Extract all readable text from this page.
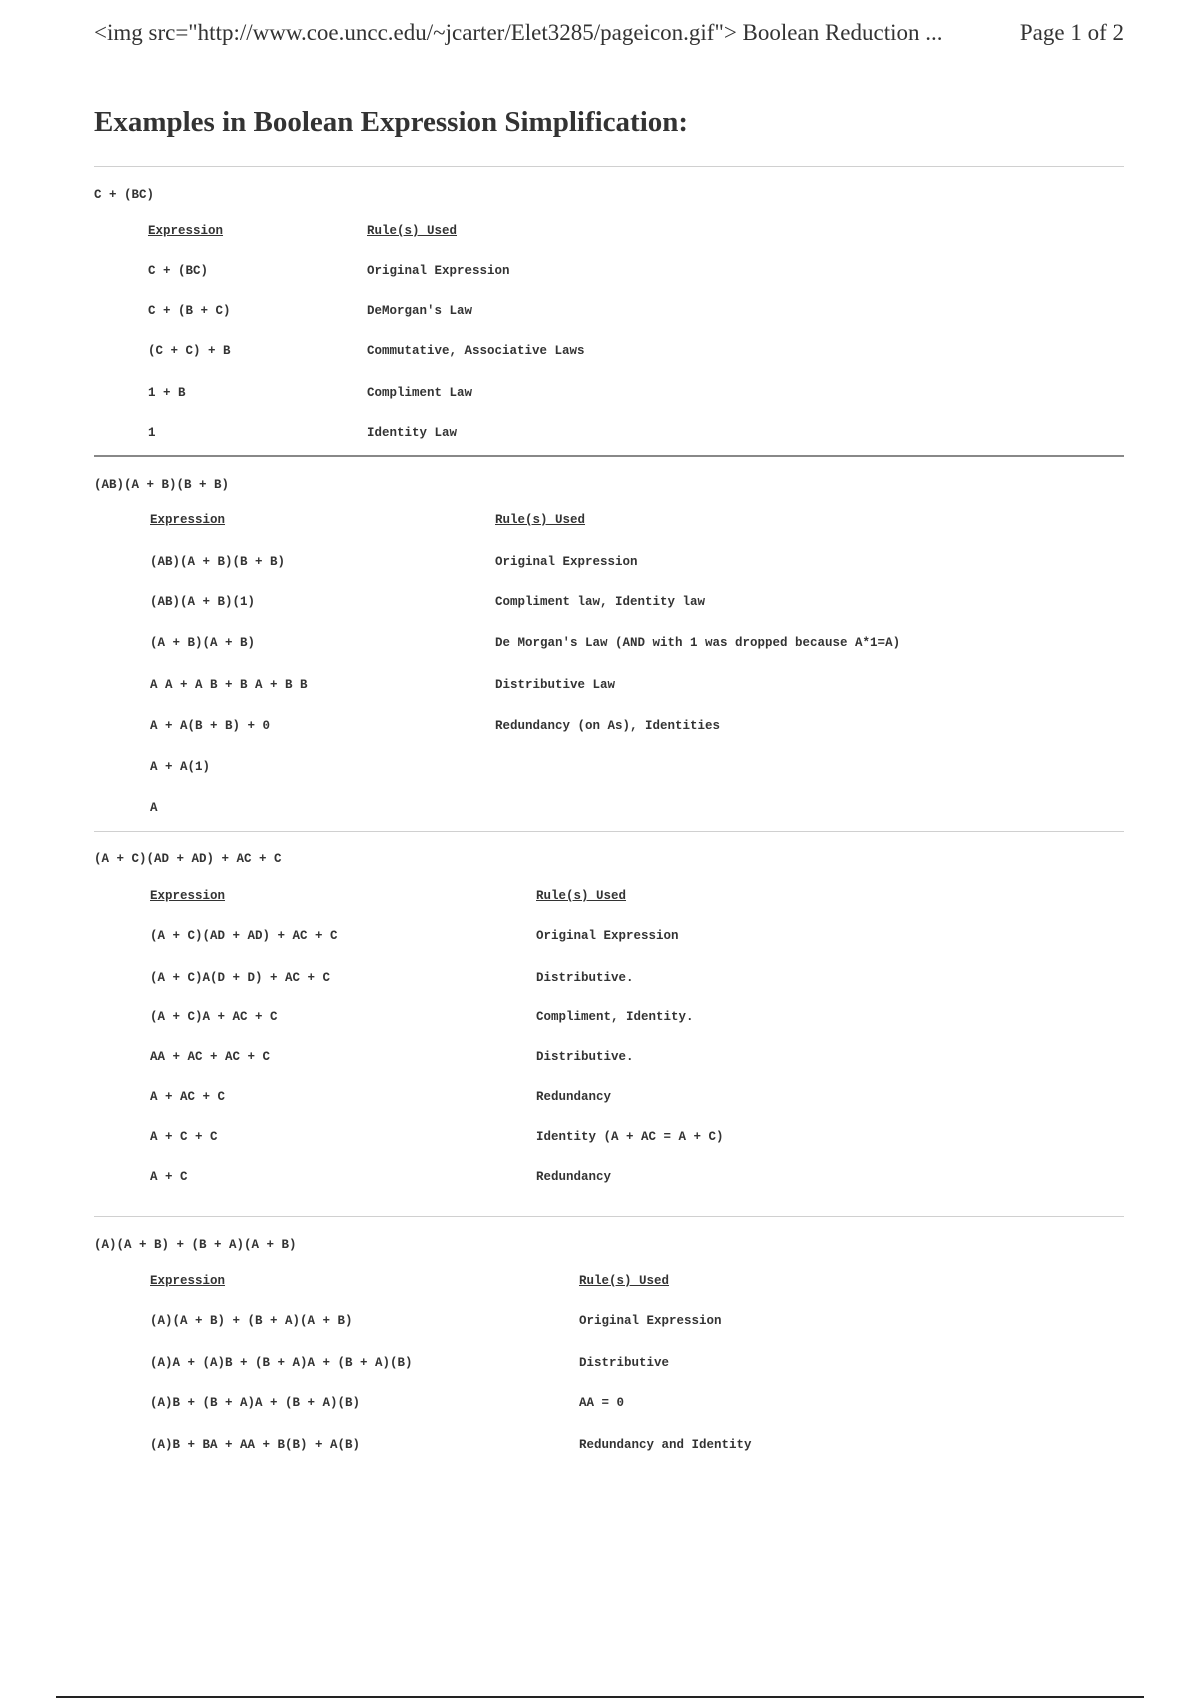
<img src="http://www.coe.uncc.edu/~jcarter/Elet3285/pageicon.gif"> Boolean Reduction ...	Page 1 of 2
Examples in Boolean Expression Simplification:
C + (BC)
Expression	Rule(s) Used
C + (BC)	Original Expression
C + (B + C)	DeMorgan's Law
(C + C) + B	Commutative, Associative Laws
1 + B	Compliment Law
1	Identity Law
(AB)(A + B)(B + B)
Expression	Rule(s) Used
(AB)(A + B)(B + B)	Original Expression
(AB)(A + B)(1)	Compliment law, Identity law
(A + B)(A + B)	De Morgan's Law (AND with 1 was dropped because A*1=A)
A A + A B + B A + B B	Distributive Law
A + A(B + B) + 0	Redundancy (on As), Identities
A + A(1)
A
(A + C)(AD + AD) + AC + C
Expression	Rule(s) Used
(A + C)(AD + AD) + AC + C	Original Expression
(A + C)A(D + D) + AC + C	Distributive.
(A + C)A + AC + C	Compliment, Identity.
AA + AC + AC + C	Distributive.
A + AC + C	Redundancy
A + C + C	Identity (A + AC = A + C)
A + C	Redundancy
(A)(A + B) + (B + A)(A + B)
Expression	Rule(s) Used
(A)(A + B) + (B + A)(A + B)	Original Expression
(A)A + (A)B + (B + A)A + (B + A)(B)	Distributive
(A)B + (B + A)A + (B + A)(B)	AA = 0
(A)B + BA + AA + B(B) + A(B)	Redundancy and Identity
